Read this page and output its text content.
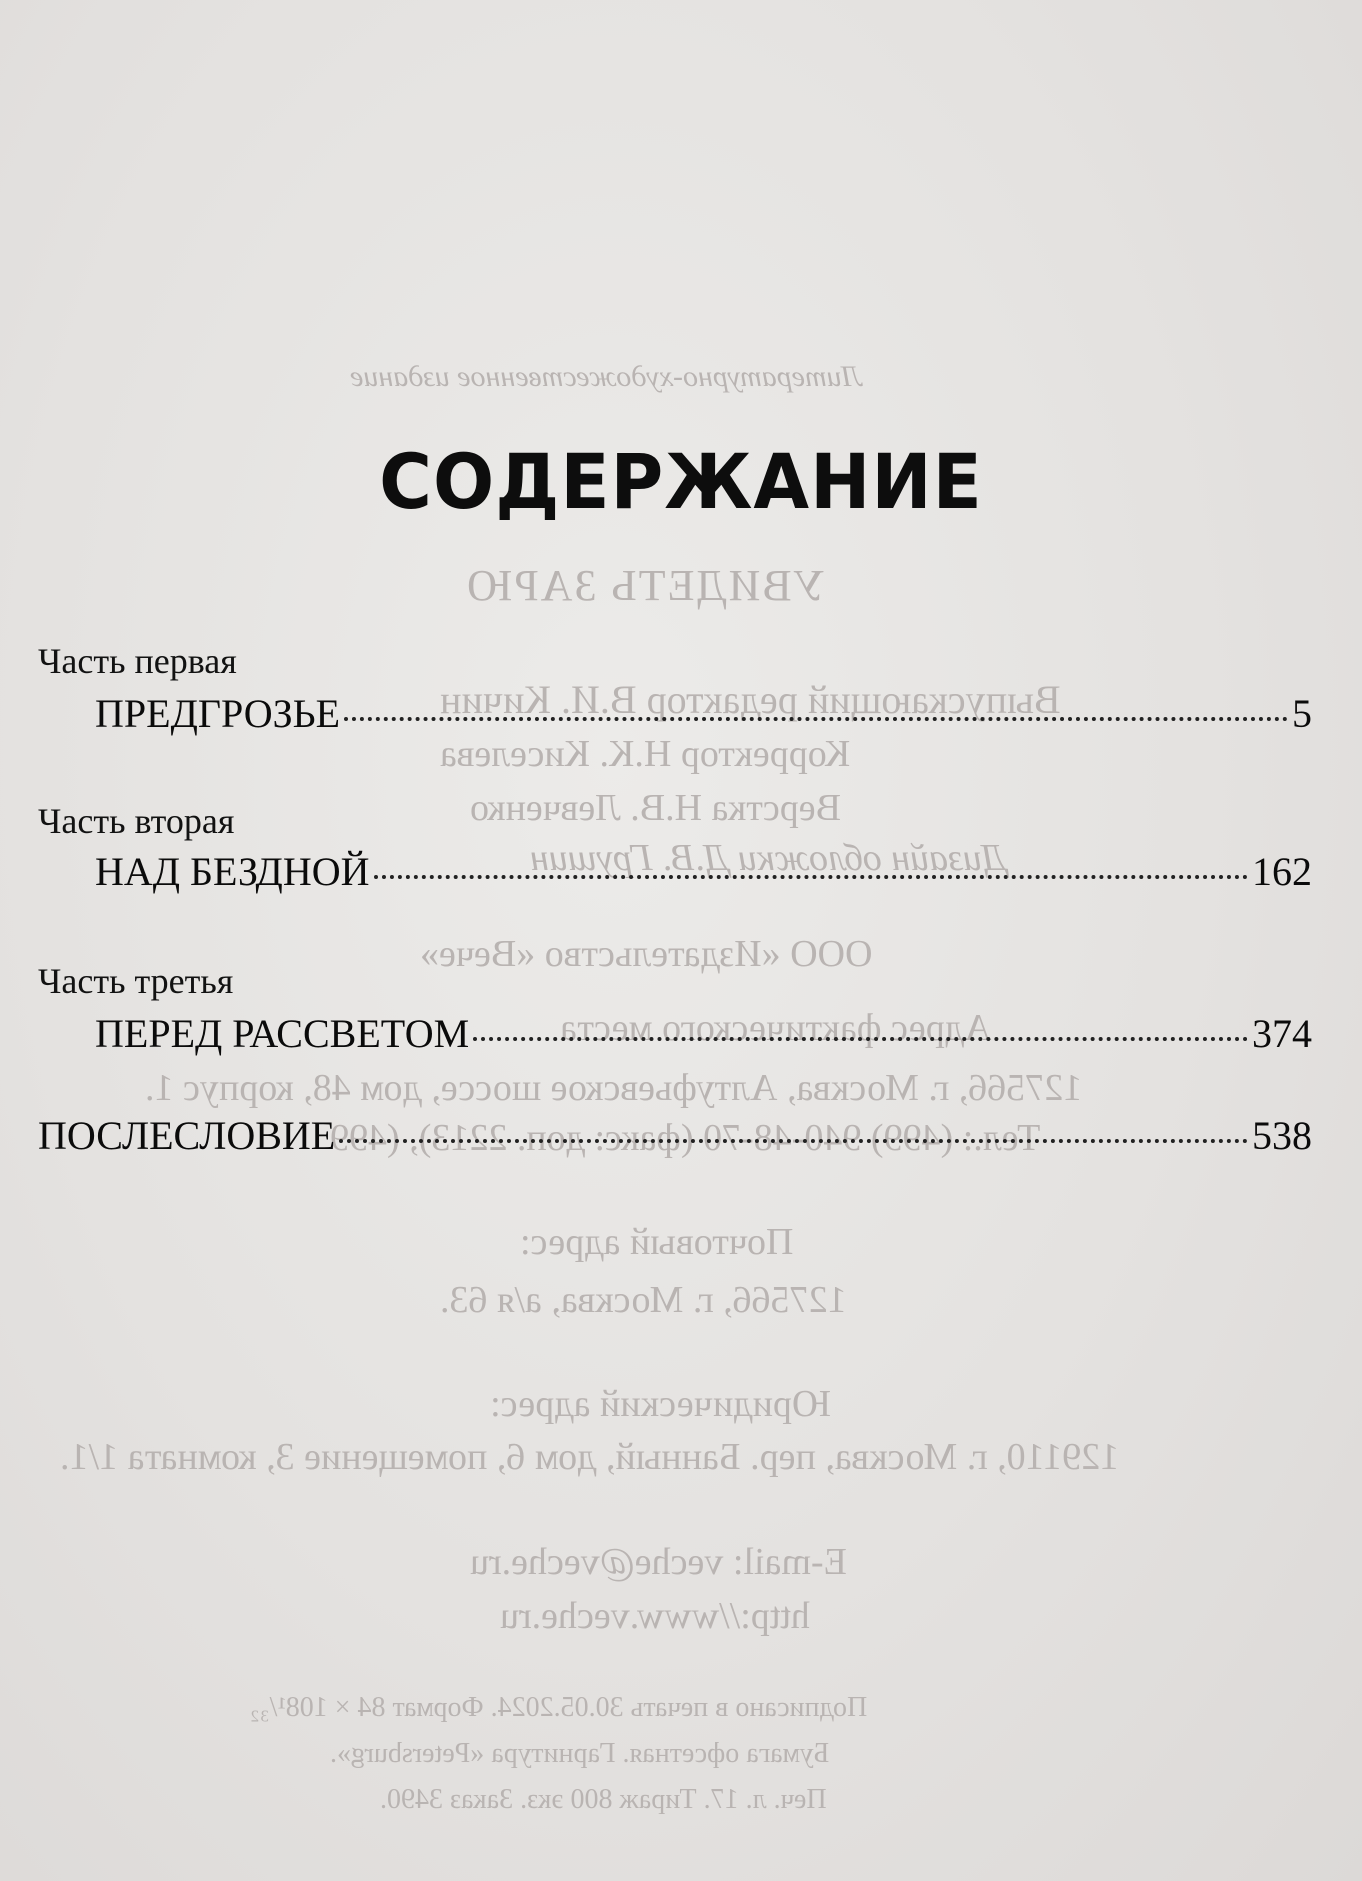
Литературно-художественное издание
УВИДЕТЬ ЗАРЮ
Выпускающий редактор В.И. Кичин
Корректор Н.К. Киселева
Верстка Н.В. Левченко
Дизайн обложки Д.В. Грушин
ООО «Издательство «Вече»
Адрес фактического места
127566, г. Москва, Алтуфьевское шоссе, дом 48, корпус 1.
Тел.: (499) 940-48-70 (факс: доп. 2213), (499
Почтовый адрес:
127566, г. Москва, а/я 63.
Юридический адрес:
129110, г. Москва, пер. Банный, дом 6, помещение 3, комната 1/1.
E-mail: veche@veche.ru
http://www.veche.ru
Подписано в печать 30.05.2024. Формат 84 × 108¹/₃₂
Бумага офсетная. Гарнитура «Petersburg».
Печ. л. 17. Тираж 800 экз. Заказ 3490.
СОДЕРЖАНИЕ
Часть первая
ПРЕДГРОЗЬЕ	5
Часть вторая
НАД БЕЗДНОЙ	162
Часть третья
ПЕРЕД РАССВЕТОМ	374
ПОСЛЕСЛОВИЕ	538
